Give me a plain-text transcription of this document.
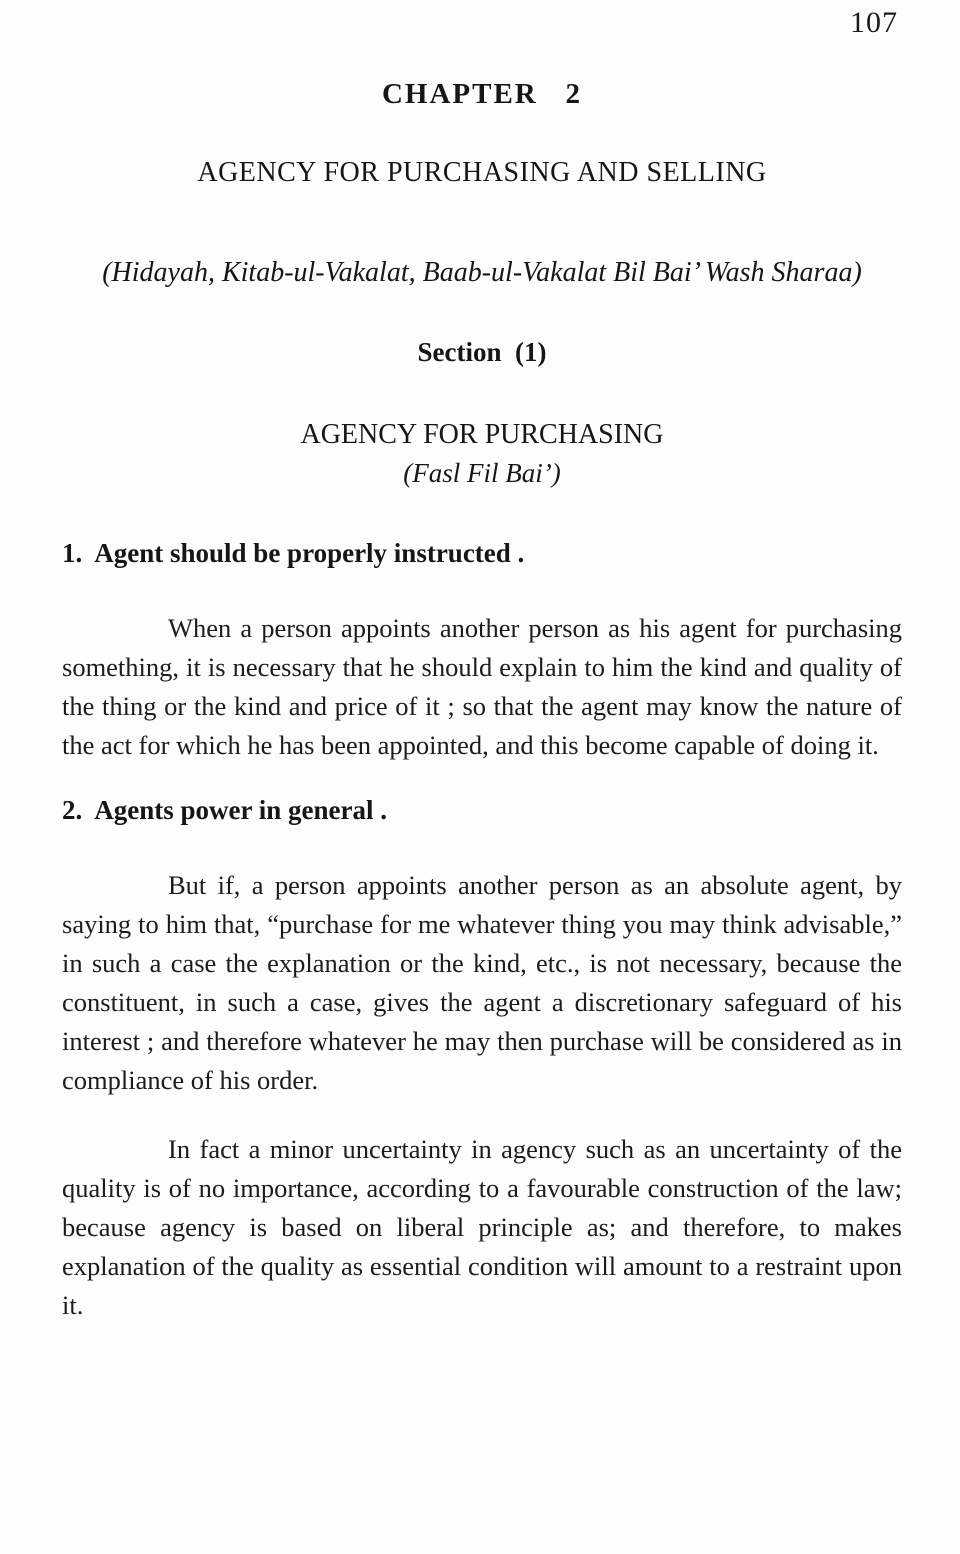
107
CHAPTER   2
AGENCY FOR PURCHASING AND SELLING
(Hidayah, Kitab-ul-Vakalat, Baab-ul-Vakalat Bil Bai’ Wash Sharaa)
Section  (1)
AGENCY FOR PURCHASING
(Fasl Fil Bai’)
1.  Agent should be properly instructed .

When a person appoints another person as his agent for purchasing something, it is necessary that he should explain to him the kind and quality of the thing or the kind and price of it ; so that the agent may know the nature of the act for which he has been appointed, and this become capable of doing it.

2.  Agents power in general .

But if, a person appoints another person as an absolute agent, by saying to him that, “purchase for me whatever thing you may think advisable,” in such a case the explanation or the kind, etc., is not necessary, because the constituent, in such a case, gives the agent a discretionary safeguard of his interest ; and therefore whatever he may then purchase will be considered as in compliance of his order.

In fact a minor uncertainty in agency such as an uncertainty of the quality is of no importance, according to a favourable construction of the law; because agency is based on liberal principle as; and therefore, to makes explanation of the quality as essential condition will amount to a restraint upon it.
